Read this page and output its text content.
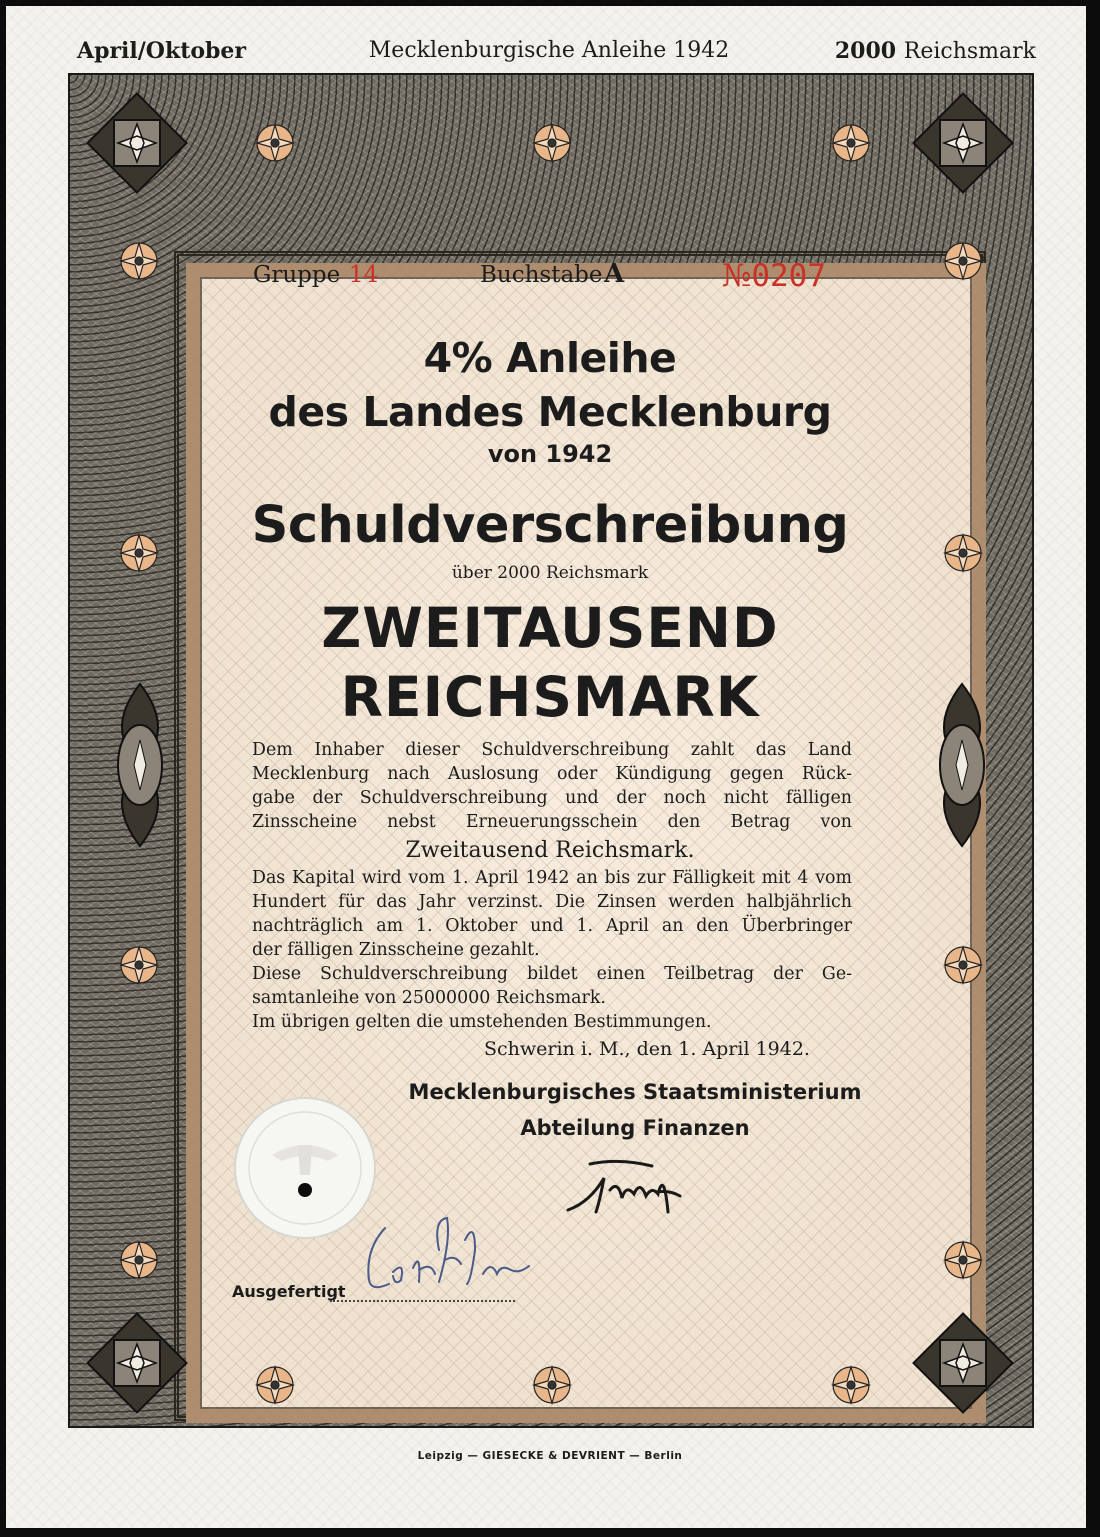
April/Oktober	Mecklenburgische Anleihe 1942	2000 Reichsmark
Gruppe 14	Buchstabe A	№0207
4% Anleihe
des Landes Mecklenburg
von 1942
Schuldverschreibung
über 2000 Reichsmark
ZWEITAUSEND
REICHSMARK
Dem Inhaber dieser Schuldverschreibung zahlt das Land
Mecklenburg nach Auslosung oder Kündigung gegen Rück-
gabe der Schuldverschreibung und der noch nicht fälligen
Zinsscheine nebst Erneuerungsschein den Betrag von
Zweitausend Reichsmark.
Das Kapital wird vom 1. April 1942 an bis zur Fälligkeit mit 4 vom
Hundert für das Jahr verzinst. Die Zinsen werden halbjährlich
nachträglich am 1. Oktober und 1. April an den Überbringer
der fälligen Zinsscheine gezahlt.
Diese Schuldverschreibung bildet einen Teilbetrag der Ge-
samtanleihe von 25000000 Reichsmark.
Im übrigen gelten die umstehenden Bestimmungen.
Schwerin i. M., den 1. April 1942.
Mecklenburgisches Staatsministerium
Abteilung Finanzen
Ausgefertigt
Leipzig — GIESECKE & DEVRIENT — Berlin
